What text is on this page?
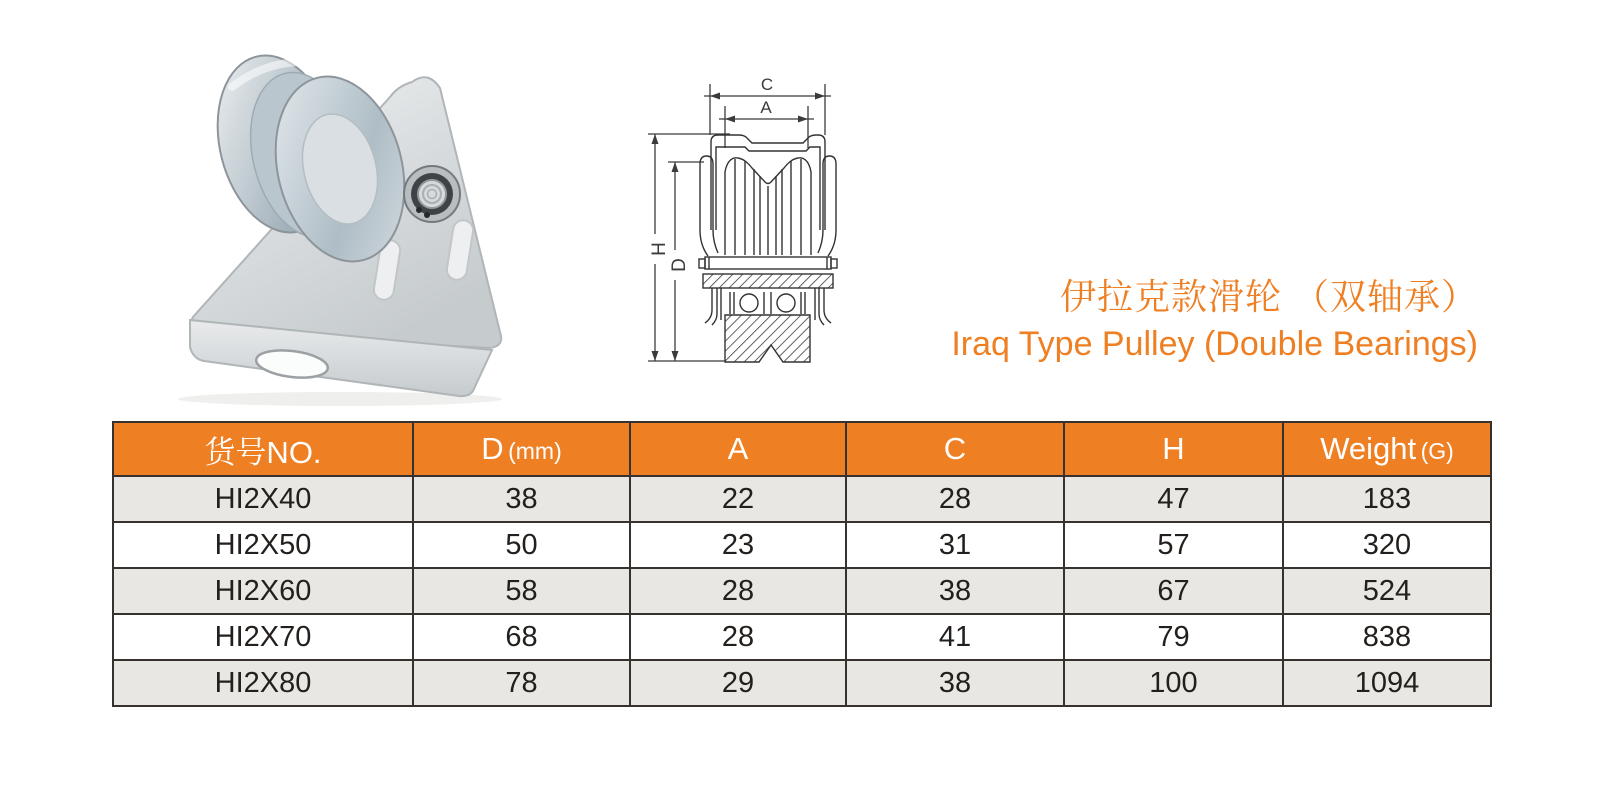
C
A
H
D
伊拉克款滑轮 （双轴承）
Iraq Type Pulley (Double Bearings)
货号NO.	D (mm)	A	C	H	Weight (G)
HI2X40	38	22	28	47	183
HI2X50	50	23	31	57	320
HI2X60	58	28	38	67	524
HI2X70	68	28	41	79	838
HI2X80	78	29	38	100	1094
